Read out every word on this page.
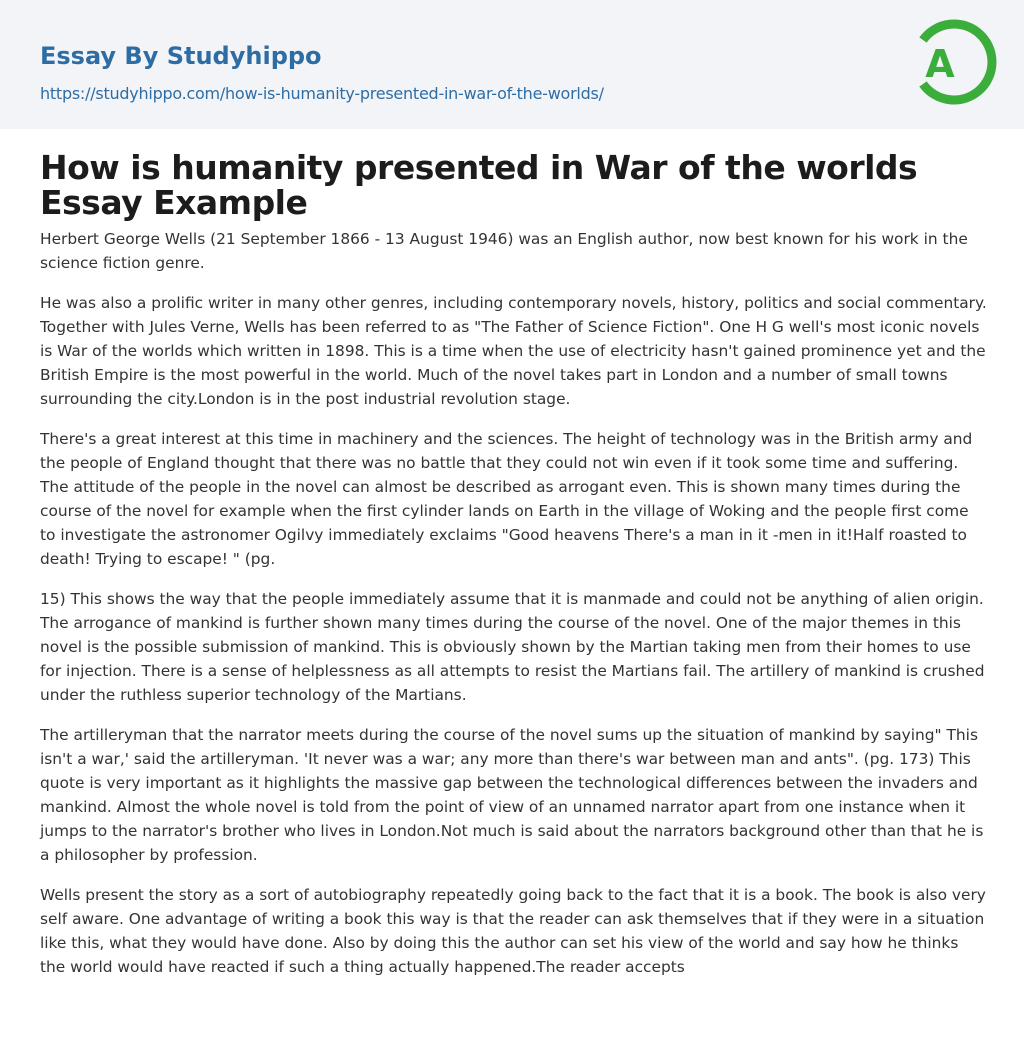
Essay By Studyhippo
https://studyhippo.com/how-is-humanity-presented-in-war-of-the-worlds/
A
How is humanity presented in War of the worlds Essay Example

Herbert George Wells (21 September 1866 - 13 August 1946) was an English author, now best known for his work in the science fiction genre.

He was also a prolific writer in many other genres, including contemporary novels, history, politics and social commentary. Together with Jules Verne, Wells has been referred to as "The Father of Science Fiction". One H G well's most iconic novels is War of the worlds which written in 1898. This is a time when the use of electricity hasn't gained prominence yet and the British Empire is the most powerful in the world. Much of the novel takes part in London and a number of small towns surrounding the city.London is in the post industrial revolution stage.

There's a great interest at this time in machinery and the sciences. The height of technology was in the British army and the people of England thought that there was no battle that they could not win even if it took some time and suffering. The attitude of the people in the novel can almost be described as arrogant even. This is shown many times during the course of the novel for example when the first cylinder lands on Earth in the village of Woking and the people first come to investigate the astronomer Ogilvy immediately exclaims "Good heavens There's a man in it -men in it!Half roasted to death! Trying to escape! " (pg.

15) This shows the way that the people immediately assume that it is manmade and could not be anything of alien origin. The arrogance of mankind is further shown many times during the course of the novel. One of the major themes in this novel is the possible submission of mankind. This is obviously shown by the Martian taking men from their homes to use for injection. There is a sense of helplessness as all attempts to resist the Martians fail. The artillery of mankind is crushed under the ruthless superior technology of the Martians.

The artilleryman that the narrator meets during the course of the novel sums up the situation of mankind by saying" This isn't a war,' said the artilleryman. 'It never was a war; any more than there's war between man and ants". (pg. 173) This quote is very important as it highlights the massive gap between the technological differences between the invaders and mankind. Almost the whole novel is told from the point of view of an unnamed narrator apart from one instance when it jumps to the narrator's brother who lives in London.Not much is said about the narrators background other than that he is a philosopher by profession.

Wells present the story as a sort of autobiography repeatedly going back to the fact that it is a book. The book is also very self aware. One advantage of writing a book this way is that the reader can ask themselves that if they were in a situation like this, what they would have done. Also by doing this the author can set his view of the world and say how he thinks the world would have reacted if such a thing actually happened.The reader accepts
